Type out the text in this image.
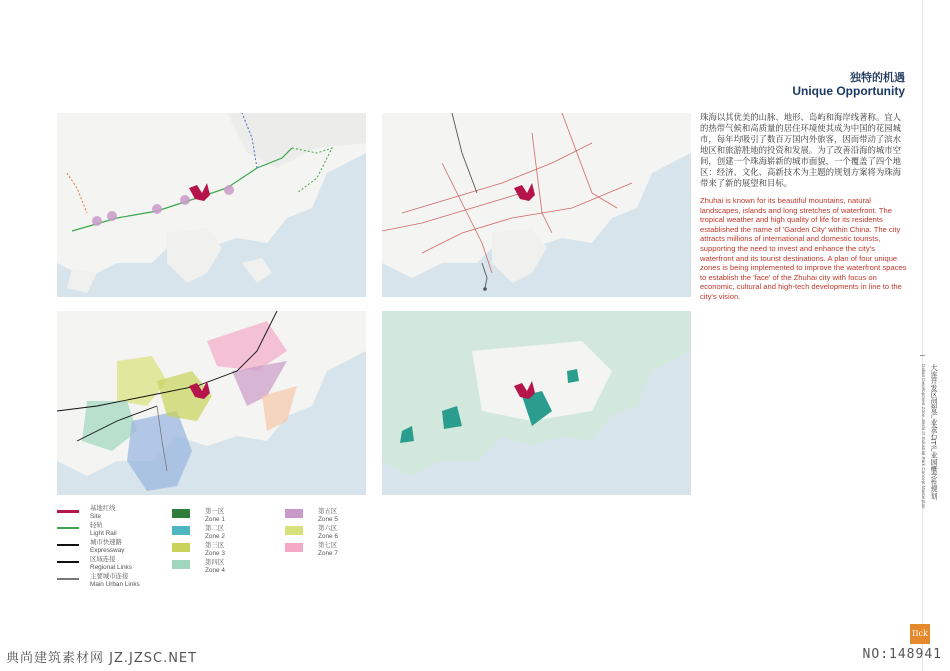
独特的机遇
Unique Opportunity
珠海以其优美的山脉、地形、岛屿和海岸线著称。宜人的热带气候和高质量的居住环境使其成为中国的花园城市，每年均吸引了数百万国内外旅客，因而带动了滨水地区和旅游胜地的投资和发展。为了改善沿海的城市空间，创建一个珠海崭新的城市面貌，一个覆盖了四个地区：经济、文化、高新技术为主题的规划方案将为珠海带来了新的展望和目标。
Zhuhai is known for its beautiful mountains, natural landscapes, islands and long stretches of waterfront. The tropical weather and high quality of life for its residents established the name of 'Garden City' within China. The city attracts millions of international and domestic tourists, supporting the need to invest and enhance the city's waterfront and its tourist destinations. A plan of four unique zones is being implemented to improve the waterfront spaces to establish the 'face' of the Zhuhai city with focus on economic, cultural and high-tech developments in line to the city's vision.
基地红线
Site
轻轨
Light Rail
城市快速路
Expressway
区域连接
Regional Links
主要城市连接
Main Urban Links
第一区
Zone 1
第二区
Zone 2
第三区
Zone 3
第四区
Zone 4
第五区
Zone 5
第六区
Zone 6
第七区
Zone 7
大连开发区创智产业金石IT产业园概念性规划
Dalian Development Zone Jinshi IT Industrial Park Concept Masterplan
IIck
典尚建筑素材网 JZ.JZSC.NET	NO:148941
